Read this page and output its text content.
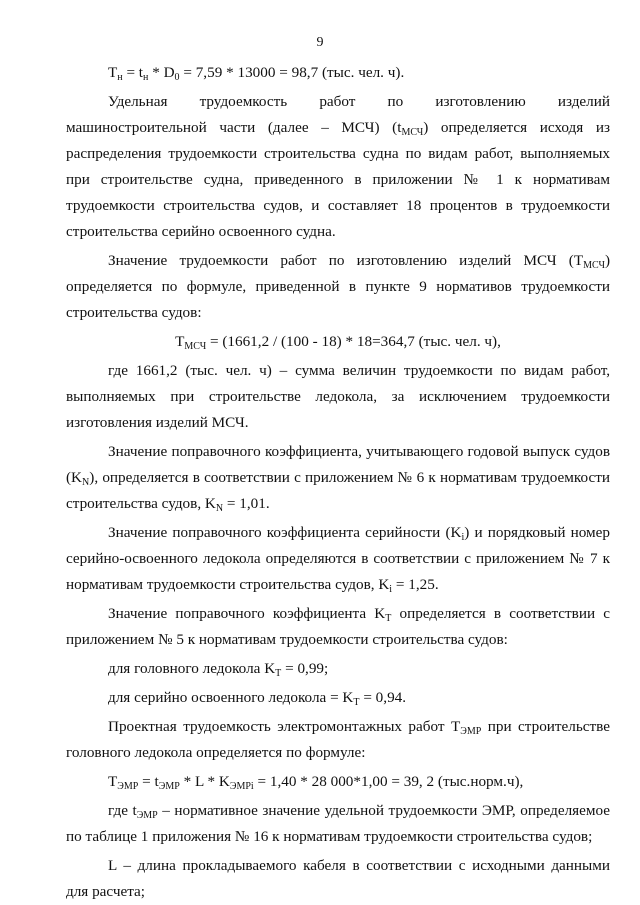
9

$T_н = t_н * D_0 = 7,59 * 13000 = 98,7$ (тыс. чел. ч).

Удельная трудоемкость работ по изготовлению изделий машиностроительной части (далее – МСЧ) $(t_{МСЧ})$ определяется исходя из распределения трудоемкости строительства судна по видам работ, выполняемых при строительстве судна, приведенного в приложении № 1 к нормативам трудоемкости строительства судов, и составляет 18 процентов в трудоемкости строительства серийно освоенного судна.

Значение трудоемкости работ по изготовлению изделий МСЧ $(Т_{МСЧ})$ определяется по формуле, приведенной в пункте 9 нормативов трудоемкости строительства судов:

$Т_{МСЧ} = (1661,2 / (100 - 18) * 18=364,7$ (тыс. чел. ч),

где 1661,2 (тыс. чел. ч) – сумма величин трудоемкости по видам работ, выполняемых при строительстве ледокола, за исключением трудоемкости изготовления изделий МСЧ.

Значение поправочного коэффициента, учитывающего годовой выпуск судов $(K_N)$, определяется в соответствии с приложением № 6 к нормативам трудоемкости строительства судов, $K_N = 1,01$.

Значение поправочного коэффициента серийности $(K_i)$ и порядковый номер серийно-освоенного ледокола определяются в соответствии с приложением № 7 к нормативам трудоемкости строительства судов, $K_i = 1,25$.

Значение поправочного коэффициента $K_T$ определяется в соответствии с приложением № 5 к нормативам трудоемкости строительства судов:

для головного ледокола $K_T = 0,99$;

для серийно освоенного ледокола = $K_T = 0,94$.

Проектная трудоемкость электромонтажных работ $Т_{ЭМР}$ при строительстве головного ледокола определяется по формуле:

$Т_{ЭМР} = t_{ЭМР} * L * K_{ЭМРi} = 1,40 * 28$ 000*1,00 = 39, 2 (тыс.норм.ч),

где $t_{ЭМР}$ – нормативное значение удельной трудоемкости ЭМР, определяемое по таблице 1 приложения № 16 к нормативам трудоемкости строительства судов;

L – длина прокладываемого кабеля в соответствии с исходными данными для расчета;
